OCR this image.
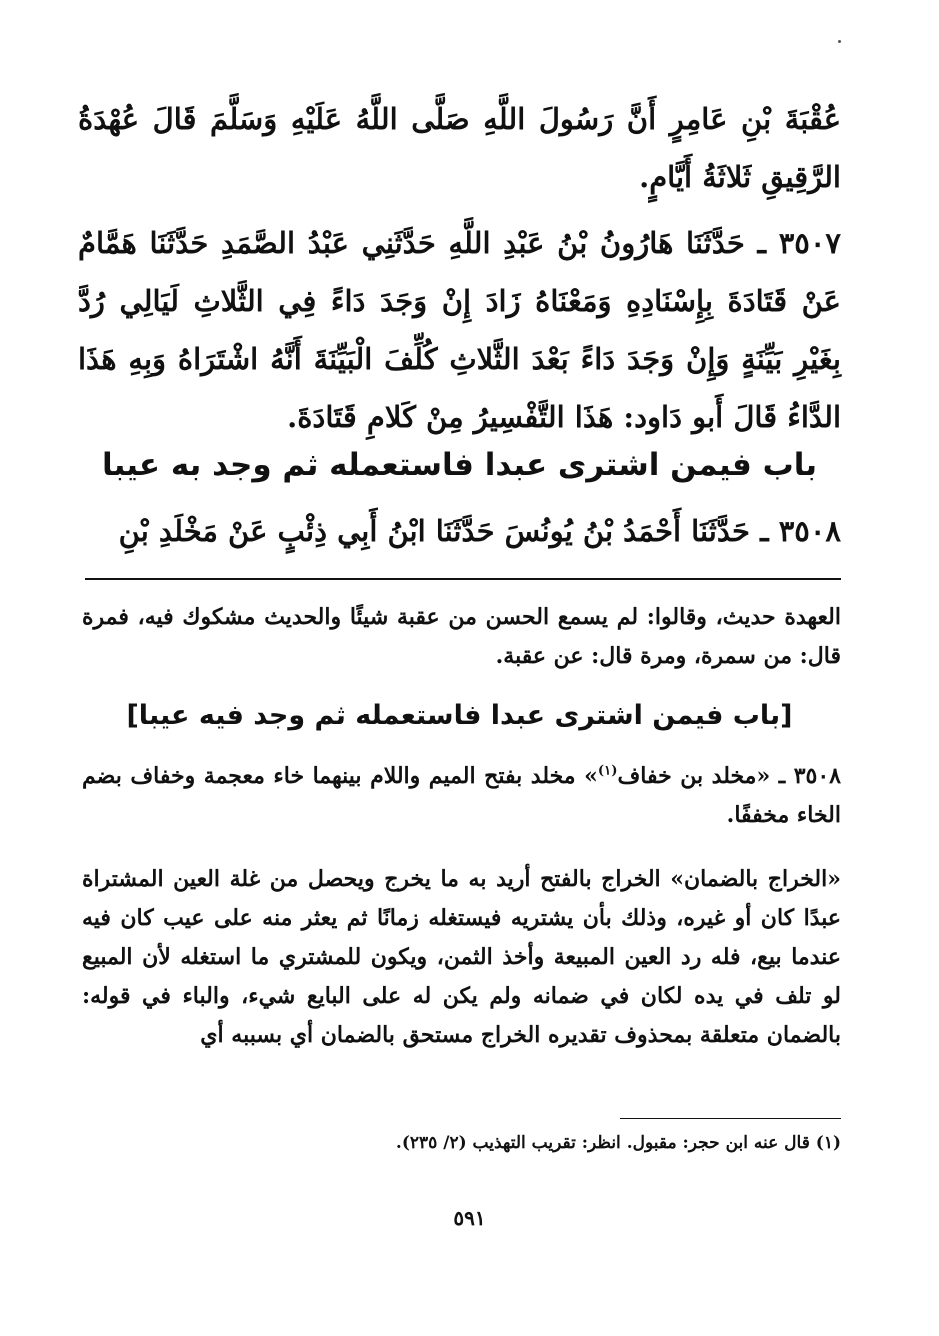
عُقْبَةَ بْنِ عَامِرٍ أَنَّ رَسُولَ اللَّهِ صَلَّى اللَّهُ عَلَيْهِ وَسَلَّمَ قَالَ عُهْدَةُ الرَّقِيقِ ثَلاثَةُ أَيَّامٍ.
٣٥٠٧ ـ حَدَّثَنَا هَارُونُ بْنُ عَبْدِ اللَّهِ حَدَّثَنِي عَبْدُ الصَّمَدِ حَدَّثَنَا هَمَّامٌ عَنْ قَتَادَةَ بِإِسْنَادِهِ وَمَعْنَاهُ زَادَ إِنْ وَجَدَ دَاءً فِي الثَّلاثِ لَيَالِي رُدَّ بِغَيْرِ بَيِّنَةٍ وَإِنْ وَجَدَ دَاءً بَعْدَ الثَّلاثِ كُلِّفَ الْبَيِّنَةَ أَنَّهُ اشْتَرَاهُ وَبِهِ هَذَا الدَّاءُ قَالَ أَبو دَاود: هَذَا التَّفْسِيرُ مِنْ كَلامِ قَتَادَةَ.
باب فيمن اشترى عبدا فاستعمله ثم وجد به عيبا
٣٥٠٨ ـ حَدَّثَنَا أَحْمَدُ بْنُ يُونُسَ حَدَّثَنَا ابْنُ أَبِي ذِئْبٍ عَنْ مَخْلَدِ بْنِ
العهدة حديث، وقالوا: لم يسمع الحسن من عقبة شيئًا والحديث مشكوك فيه، فمرة قال: من سمرة، ومرة قال: عن عقبة.
[باب فيمن اشترى عبدا فاستعمله ثم وجد فيه عيبا]
٣٥٠٨ ـ «مخلد بن خفاف$^{(١)}$» مخلد بفتح الميم واللام بينهما خاء معجمة وخفاف بضم الخاء مخففًا.
«الخراج بالضمان» الخراج بالفتح أريد به ما يخرج ويحصل من غلة العين المشتراة عبدًا كان أو غيره، وذلك بأن يشتريه فيستغله زمانًا ثم يعثر منه على عيب كان فيه عندما بيع، فله رد العين المبيعة وأخذ الثمن، ويكون للمشتري ما استغله لأن المبيع لو تلف في يده لكان في ضمانه ولم يكن له على البايع شيء، والباء في قوله: بالضمان متعلقة بمحذوف تقديره الخراج مستحق بالضمان أي بسببه أي
(١) قال عنه ابن حجر: مقبول. انظر: تقريب التهذيب (٢/ ٢٣٥).
٥٩١
